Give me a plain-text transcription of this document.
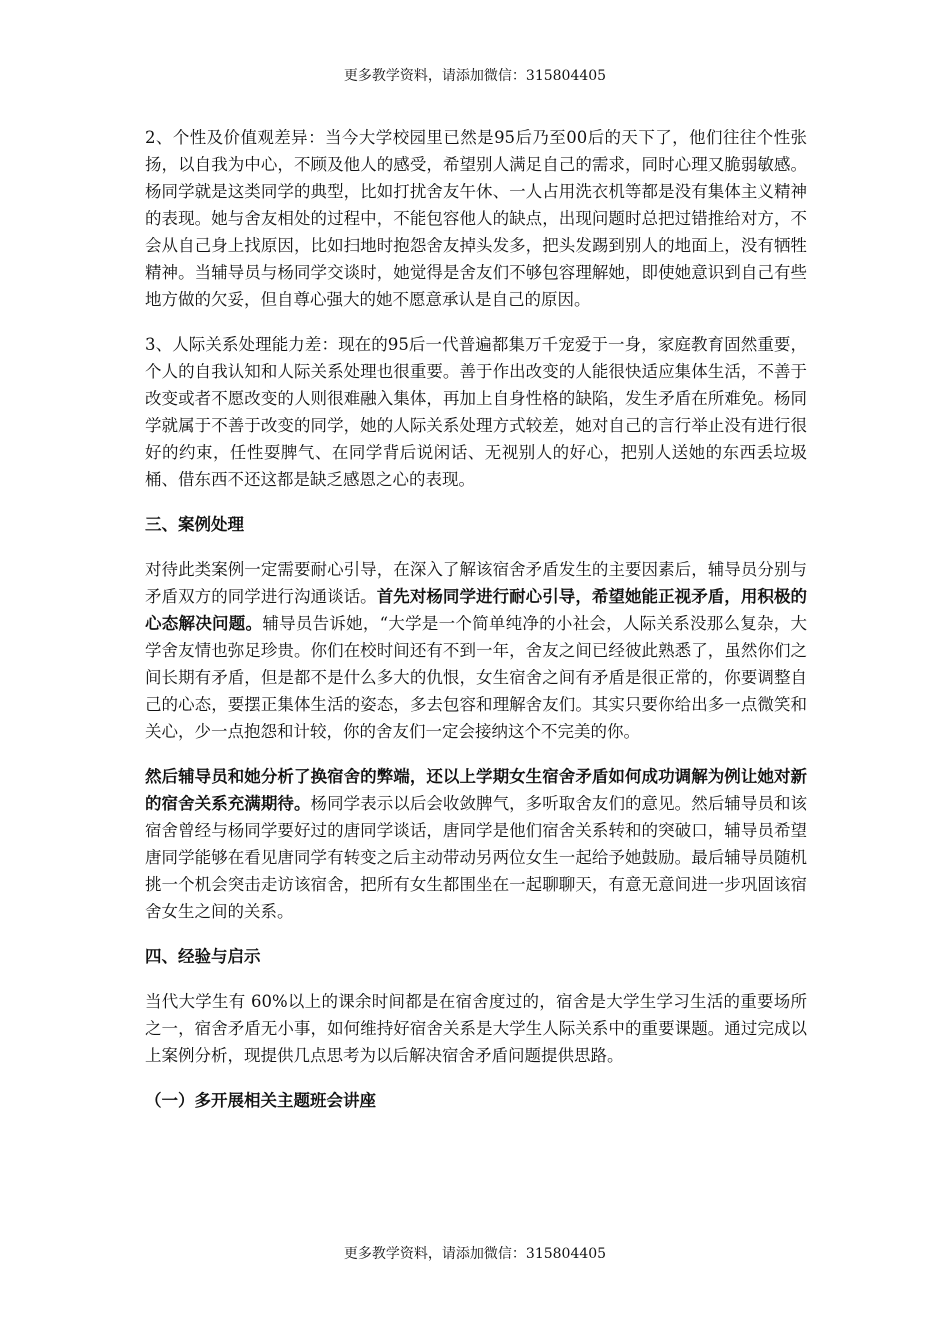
更多教学资料，请添加微信：315804405

2、个性及价值观差异：当今大学校园里已然是95后乃至00后的天下了，他们往往个性张扬，以自我为中心，不顾及他人的感受，希望别人满足自己的需求，同时心理又脆弱敏感。杨同学就是这类同学的典型，比如打扰舍友午休、一人占用洗衣机等都是没有集体主义精神的表现。她与舍友相处的过程中，不能包容他人的缺点，出现问题时总把过错推给对方，不会从自己身上找原因，比如扫地时抱怨舍友掉头发多，把头发踢到别人的地面上，没有牺牲精神。当辅导员与杨同学交谈时，她觉得是舍友们不够包容理解她，即使她意识到自己有些地方做的欠妥，但自尊心强大的她不愿意承认是自己的原因。

3、人际关系处理能力差：现在的95后一代普遍都集万千宠爱于一身，家庭教育固然重要，个人的自我认知和人际关系处理也很重要。善于作出改变的人能很快适应集体生活，不善于改变或者不愿改变的人则很难融入集体，再加上自身性格的缺陷，发生矛盾在所难免。杨同学就属于不善于改变的同学，她的人际关系处理方式较差，她对自己的言行举止没有进行很好的约束，任性耍脾气、在同学背后说闲话、无视别人的好心，把别人送她的东西丢垃圾桶、借东西不还这都是缺乏感恩之心的表现。

三、案例处理

对待此类案例一定需要耐心引导，在深入了解该宿舍矛盾发生的主要因素后，辅导员分别与矛盾双方的同学进行沟通谈话。首先对杨同学进行耐心引导，希望她能正视矛盾，用积极的心态解决问题。辅导员告诉她，“大学是一个简单纯净的小社会，人际关系没那么复杂，大学舍友情也弥足珍贵。你们在校时间还有不到一年，舍友之间已经彼此熟悉了，虽然你们之间长期有矛盾，但是都不是什么多大的仇恨，女生宿舍之间有矛盾是很正常的，你要调整自己的心态，要摆正集体生活的姿态，多去包容和理解舍友们。其实只要你给出多一点微笑和关心，少一点抱怨和计较，你的舍友们一定会接纳这个不完美的你。

然后辅导员和她分析了换宿舍的弊端，还以上学期女生宿舍矛盾如何成功调解为例让她对新的宿舍关系充满期待。杨同学表示以后会收敛脾气，多听取舍友们的意见。然后辅导员和该宿舍曾经与杨同学要好过的唐同学谈话，唐同学是他们宿舍关系转和的突破口，辅导员希望唐同学能够在看见唐同学有转变之后主动带动另两位女生一起给予她鼓励。最后辅导员随机挑一个机会突击走访该宿舍，把所有女生都围坐在一起聊聊天，有意无意间进一步巩固该宿舍女生之间的关系。

四、经验与启示

当代大学生有 60%以上的课余时间都是在宿舍度过的，宿舍是大学生学习生活的重要场所之一，宿舍矛盾无小事，如何维持好宿舍关系是大学生人际关系中的重要课题。通过完成以上案例分析，现提供几点思考为以后解决宿舍矛盾问题提供思路。

（一）多开展相关主题班会讲座

更多教学资料，请添加微信：315804405
